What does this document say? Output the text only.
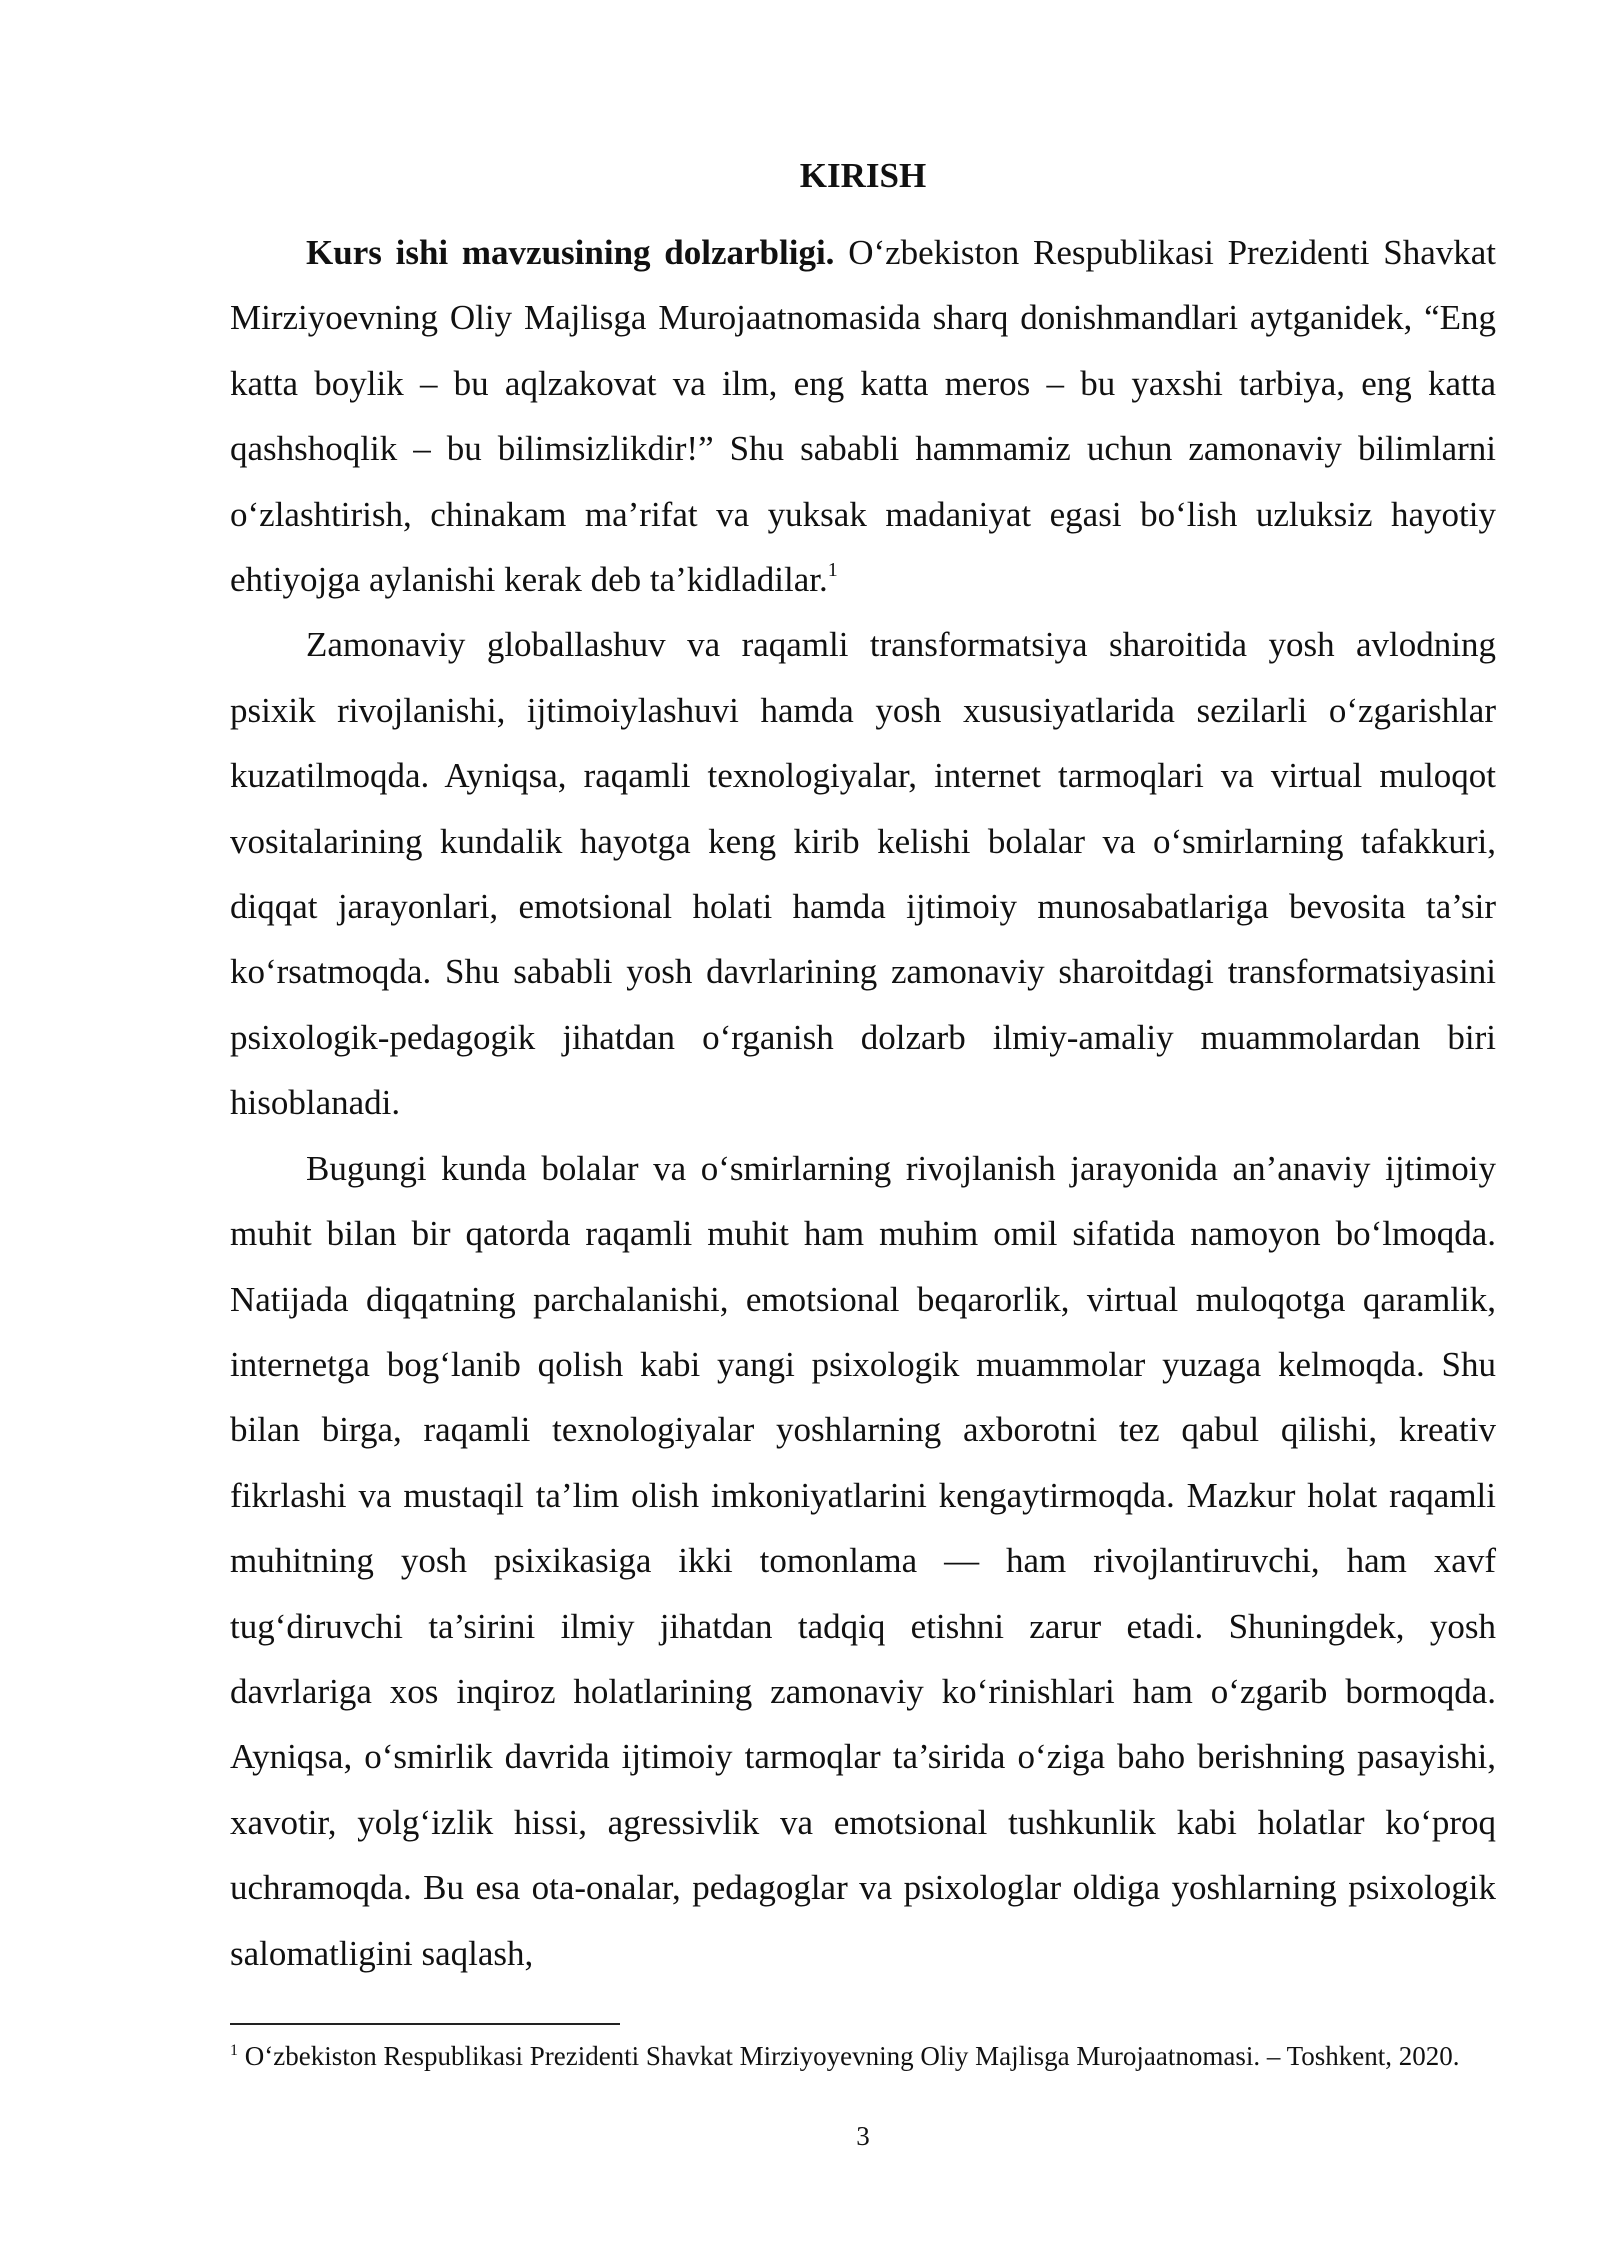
KIRISH

Kurs ishi mavzusining dolzarbligi. O‘zbekiston Respublikasi Prezidenti Shavkat Mirziyoevning Oliy Majlisga Murojaatnomasida sharq donishmandlari aytganidek, “Eng katta boylik – bu aqlzakovat va ilm, eng katta meros – bu yaxshi tarbiya, eng katta qashshoqlik – bu bilimsizlikdir!” Shu sababli hammamiz uchun zamonaviy bilimlarni o‘zlashtirish, chinakam ma’rifat va yuksak madaniyat egasi bo‘lish uzluksiz hayotiy ehtiyojga aylanishi kerak deb ta’kidladilar.$^1$

Zamonaviy globallashuv va raqamli transformatsiya sharoitida yosh avlodning psixik rivojlanishi, ijtimoiylashuvi hamda yosh xususiyatlarida sezilarli o‘zgarishlar kuzatilmoqda. Ayniqsa, raqamli texnologiyalar, internet tarmoqlari va virtual muloqot vositalarining kundalik hayotga keng kirib kelishi bolalar va o‘smirlarning tafakkuri, diqqat jarayonlari, emotsional holati hamda ijtimoiy munosabatlariga bevosita ta’sir ko‘rsatmoqda. Shu sababli yosh davrlarining zamonaviy sharoitdagi transformatsiyasini psixologik-pedagogik jihatdan o‘rganish dolzarb ilmiy-amaliy muammolardan biri hisoblanadi.

Bugungi kunda bolalar va o‘smirlarning rivojlanish jarayonida an’anaviy ijtimoiy muhit bilan bir qatorda raqamli muhit ham muhim omil sifatida namoyon bo‘lmoqda. Natijada diqqatning parchalanishi, emotsional beqarorlik, virtual muloqotga qaramlik, internetga bog‘lanib qolish kabi yangi psixologik muammolar yuzaga kelmoqda. Shu bilan birga, raqamli texnologiyalar yoshlarning axborotni tez qabul qilishi, kreativ fikrlashi va mustaqil ta’lim olish imkoniyatlarini kengaytirmoqda. Mazkur holat raqamli muhitning yosh psixikasiga ikki tomonlama — ham rivojlantiruvchi, ham xavf tug‘diruvchi ta’sirini ilmiy jihatdan tadqiq etishni zarur etadi. Shuningdek, yosh davrlariga xos inqiroz holatlarining zamonaviy ko‘rinishlari ham o‘zgarib bormoqda. Ayniqsa, o‘smirlik davrida ijtimoiy tarmoqlar ta’sirida o‘ziga baho berishning pasayishi, xavotir, yolg‘izlik hissi, agressivlik va emotsional tushkunlik kabi holatlar ko‘proq uchramoqda. Bu esa ota-onalar, pedagoglar va psixologlar oldiga yoshlarning psixologik salomatligini saqlash,

$^1$ O‘zbekiston Respublikasi Prezidenti Shavkat Mirziyoyevning Oliy Majlisga Murojaatnomasi. – Toshkent, 2020.

3
